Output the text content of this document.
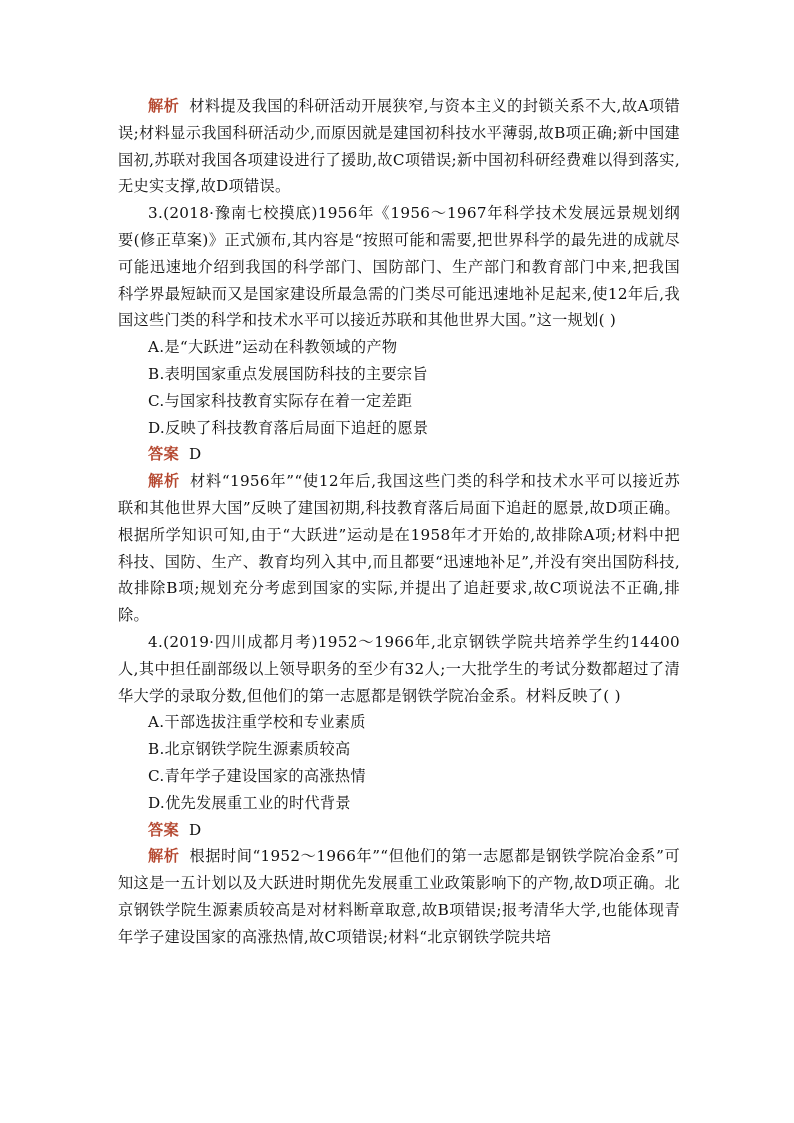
解析 材料提及我国的科研活动开展狭窄,与资本主义的封锁关系不大,故A项错误;材料显示我国科研活动少,而原因就是建国初科技水平薄弱,故B项正确;新中国建国初,苏联对我国各项建设进行了援助,故C项错误;新中国初科研经费难以得到落实,无史实支撑,故D项错误。

3.(2018·豫南七校摸底)1956年《1956～1967年科学技术发展远景规划纲要(修正草案)》正式颁布,其内容是“按照可能和需要,把世界科学的最先进的成就尽可能迅速地介绍到我国的科学部门、国防部门、生产部门和教育部门中来,把我国科学界最短缺而又是国家建设所最急需的门类尽可能迅速地补足起来,使12年后,我国这些门类的科学和技术水平可以接近苏联和其他世界大国。”这一规划( )

A.是“大跃进”运动在科教领域的产物

B.表明国家重点发展国防科技的主要宗旨

C.与国家科技教育实际存在着一定差距

D.反映了科技教育落后局面下追赶的愿景

答案 D

解析 材料“1956年”“使12年后,我国这些门类的科学和技术水平可以接近苏联和其他世界大国”反映了建国初期,科技教育落后局面下追赶的愿景,故D项正确。根据所学知识可知,由于“大跃进”运动是在1958年才开始的,故排除A项;材料中把科技、国防、生产、教育均列入其中,而且都要“迅速地补足”,并没有突出国防科技,故排除B项;规划充分考虑到国家的实际,并提出了追赶要求,故C项说法不正确,排除。

4.(2019·四川成都月考)1952～1966年,北京钢铁学院共培养学生约14400人,其中担任副部级以上领导职务的至少有32人;一大批学生的考试分数都超过了清华大学的录取分数,但他们的第一志愿都是钢铁学院冶金系。材料反映了( )

A.干部选拔注重学校和专业素质

B.北京钢铁学院生源素质较高

C.青年学子建设国家的高涨热情

D.优先发展重工业的时代背景

答案 D

解析 根据时间“1952～1966年”“但他们的第一志愿都是钢铁学院冶金系”可知这是一五计划以及大跃进时期优先发展重工业政策影响下的产物,故D项正确。北京钢铁学院生源素质较高是对材料断章取意,故B项错误;报考清华大学,也能体现青年学子建设国家的高涨热情,故C项错误;材料“北京钢铁学院共培
